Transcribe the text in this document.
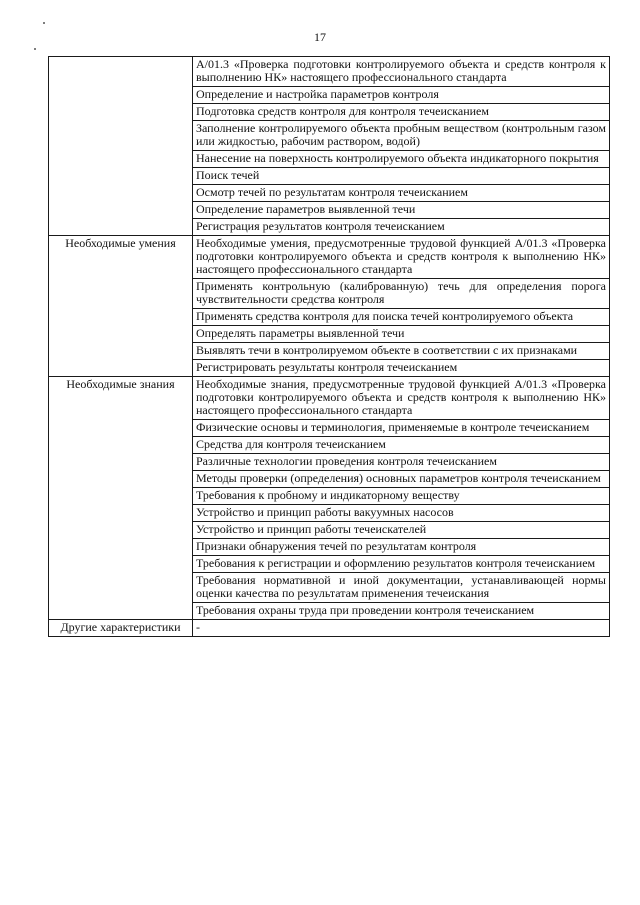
17
	А/01.3 «Проверка подготовки контролируемого объекта и средств контроля к выполнению НК» настоящего профессионального стандарта
	Определение и настройка параметров контроля
	Подготовка средств контроля для контроля течеисканием
	Заполнение контролируемого объекта пробным веществом (контрольным газом или жидкостью, рабочим раствором, водой)
	Нанесение на поверхность контролируемого объекта индикаторного покрытия
	Поиск течей
	Осмотр течей по результатам контроля течеисканием
	Определение параметров выявленной течи
	Регистрация результатов контроля течеисканием
Необходимые умения	Необходимые умения, предусмотренные трудовой функцией А/01.3 «Проверка подготовки контролируемого объекта и средств контроля к выполнению НК» настоящего профессионального стандарта
	Применять контрольную (калиброванную) течь для определения порога чувствительности средства контроля
	Применять средства контроля для поиска течей контролируемого объекта
	Определять параметры выявленной течи
	Выявлять течи в контролируемом объекте в соответствии с их признаками
	Регистрировать результаты контроля течеисканием
Необходимые знания	Необходимые знания, предусмотренные трудовой функцией А/01.3 «Проверка подготовки контролируемого объекта и средств контроля к выполнению НК» настоящего профессионального стандарта
	Физические основы и терминология, применяемые в контроле течеисканием
	Средства для контроля течеисканием
	Различные технологии проведения контроля течеисканием
	Методы проверки (определения) основных параметров контроля течеисканием
	Требования к пробному и индикаторному веществу
	Устройство и принцип работы вакуумных насосов
	Устройство и принцип работы течеискателей
	Признаки обнаружения течей по результатам контроля
	Требования к регистрации и оформлению результатов контроля течеисканием
	Требования нормативной и иной документации, устанавливающей нормы оценки качества по результатам применения течеискания
	Требования охраны труда при проведении контроля течеисканием
Другие характеристики	-
